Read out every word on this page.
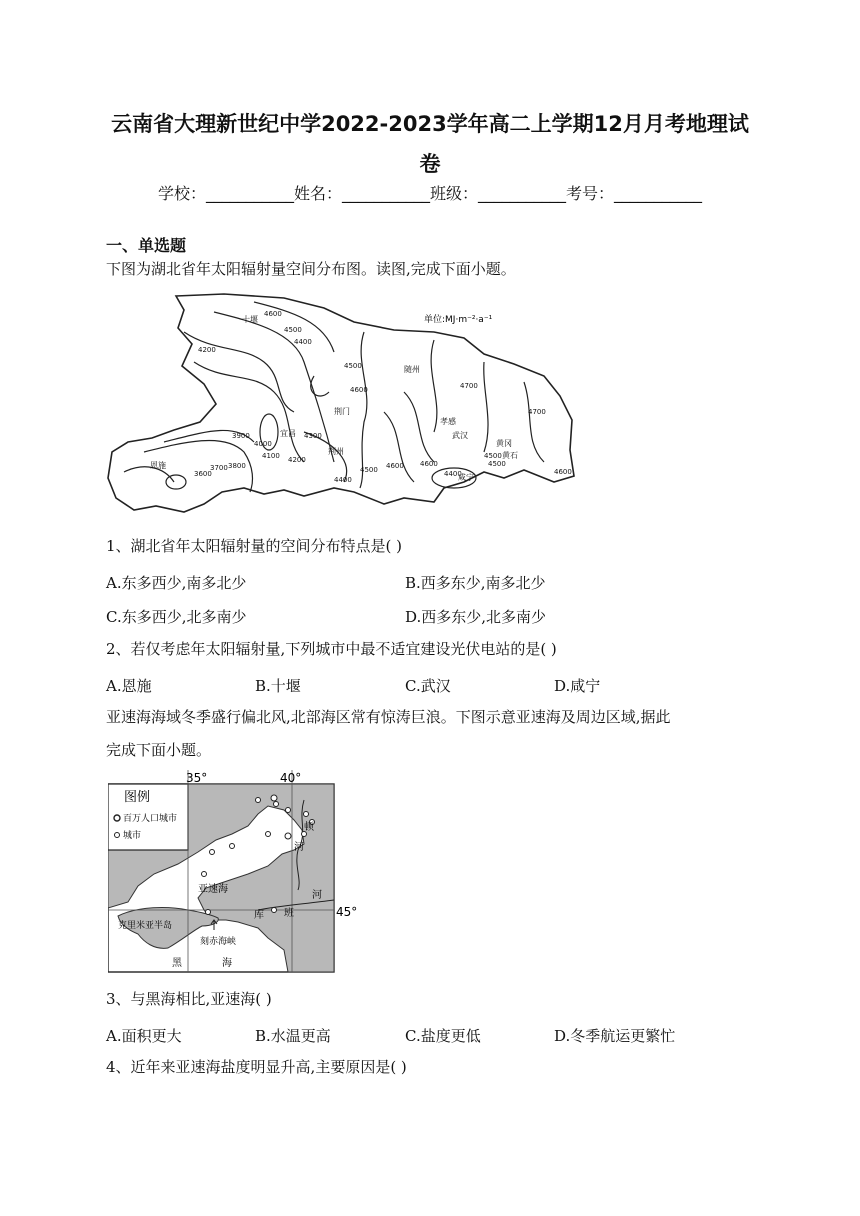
云南省大理新世纪中学2022-2023学年高二上学期12月月考地理试
卷
学校：___________姓名：___________班级：___________考号：___________
一、单选题
下图为湖北省年太阳辐射量空间分布图。读图,完成下面小题。
单位:MJ·m⁻²·a⁻¹
十堰
随州
荆门
宜昌
荆州
孝感
武汉
黄冈
黄石
恩施
咸宁
4200
4600
4500
4400
4500
4600	4700
4700
4300
4200
4100
4000
3900
3800
3700
3600
4400
4500 4600 4600	4500
4400
4500
4600
1、湖北省年太阳辐射量的空间分布特点是( )
A.东多西少,南多北少	B.西多东少,南多北少
C.东多西少,北多南少	D.西多东少,北多南少
2、若仅考虑年太阳辐射量,下列城市中最不适宜建设光伏电站的是( )
A.恩施	B.十堰	C.武汉	D.咸宁
亚速海海域冬季盛行偏北风,北部海区常有惊涛巨浪。下图示意亚速海及周边区域,据此
完成下面小题。
35°	40°
45°
图例
百万人口城市
城市
亚速海
克里米亚半岛
刻赤海峡
黑	海
顿
河
库 班
河
3、与黑海相比,亚速海( )
A.面积更大	B.水温更高	C.盐度更低	D.冬季航运更繁忙
4、近年来亚速海盐度明显升高,主要原因是( )
